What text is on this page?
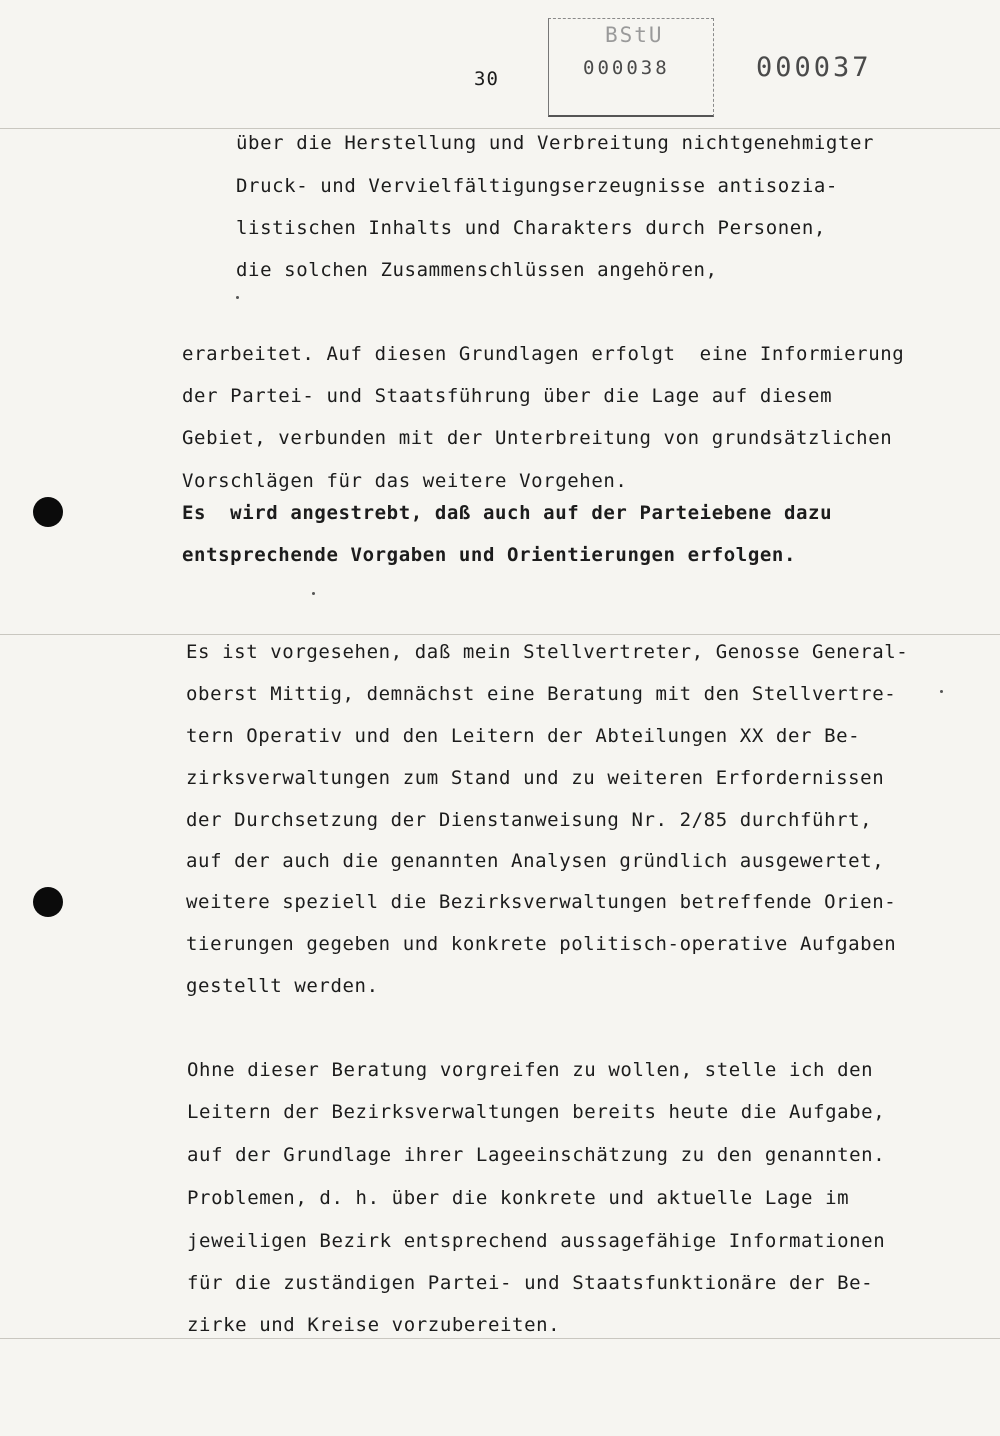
30
BStU
000038	000037
über die Herstellung und Verbreitung nichtgenehmigter
Druck- und Vervielfältigungserzeugnisse antisozia-
listischen Inhalts und Charakters durch Personen,
die solchen Zusammenschlüssen angehören,
erarbeitet. Auf diesen Grundlagen erfolgt  eine Informierung
der Partei- und Staatsführung über die Lage auf diesem
Gebiet, verbunden mit der Unterbreitung von grundsätzlichen
Vorschlägen für das weitere Vorgehen.
Es  wird angestrebt, daß auch auf der Parteiebene dazu
entsprechende Vorgaben und Orientierungen erfolgen.
Es ist vorgesehen, daß mein Stellvertreter, Genosse General-
oberst Mittig, demnächst eine Beratung mit den Stellvertre-
tern Operativ und den Leitern der Abteilungen XX der Be-
zirksverwaltungen zum Stand und zu weiteren Erfordernissen
der Durchsetzung der Dienstanweisung Nr. 2/85 durchführt,
auf der auch die genannten Analysen gründlich ausgewertet,
weitere speziell die Bezirksverwaltungen betreffende Orien-
tierungen gegeben und konkrete politisch-operative Aufgaben
gestellt werden.
Ohne dieser Beratung vorgreifen zu wollen, stelle ich den
Leitern der Bezirksverwaltungen bereits heute die Aufgabe,
auf der Grundlage ihrer Lageeinschätzung zu den genannten.
Problemen, d. h. über die konkrete und aktuelle Lage im
jeweiligen Bezirk entsprechend aussagefähige Informationen
für die zuständigen Partei- und Staatsfunktionäre der Be-
zirke und Kreise vorzubereiten.
